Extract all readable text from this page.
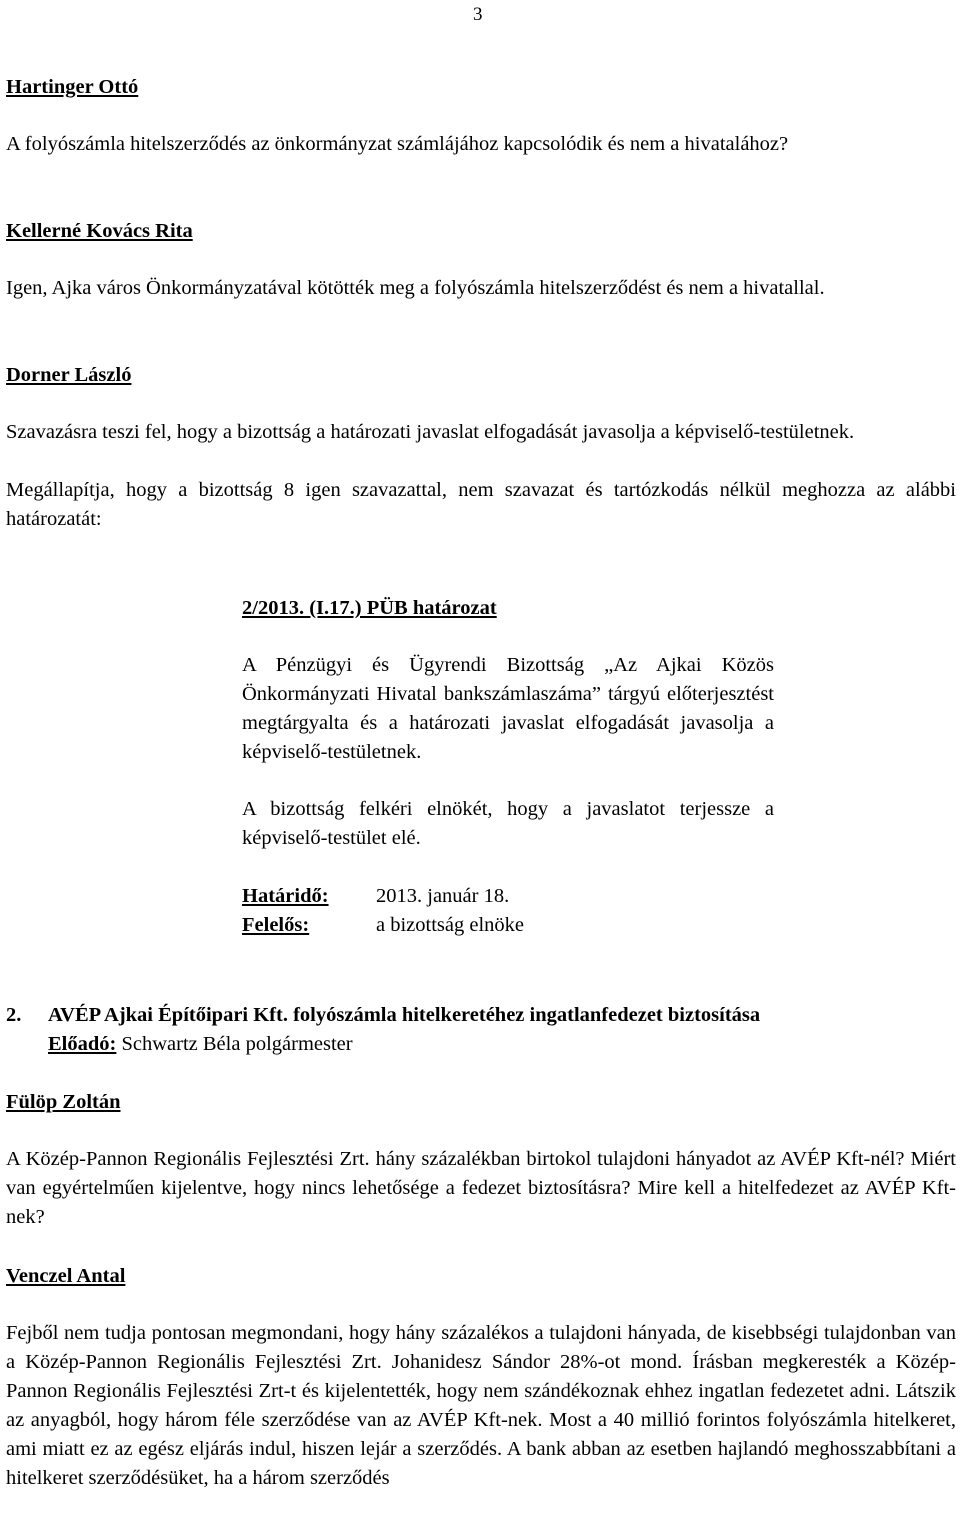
3

Hartinger Ottó

A folyószámla hitelszerződés az önkormányzat számlájához kapcsolódik és nem a hivatalához?

Kellerné Kovács Rita

Igen, Ajka város Önkormányzatával kötötték meg a folyószámla hitelszerződést és nem a hivatallal.

Dorner László

Szavazásra teszi fel, hogy a bizottság a határozati javaslat elfogadását javasolja a képviselő-testületnek.

Megállapítja, hogy a bizottság 8 igen szavazattal, nem szavazat és tartózkodás nélkül meghozza az alábbi határozatát:

2/2013. (I.17.) PÜB határozat

A Pénzügyi és Ügyrendi Bizottság „Az Ajkai Közös Önkormányzati Hivatal bankszámlaszáma” tárgyú előterjesztést megtárgyalta és a határozati javaslat elfogadását javasolja a képviselő-testületnek.

A bizottság felkéri elnökét, hogy a javaslatot terjessze a képviselő-testület elé.

Határidő: 2013. január 18.
Felelős:	a bizottság elnöke
2. AVÉP Ajkai Építőipari Kft. folyószámla hitelkeretéhez ingatlanfedezet biztosítása
Előadó: Schwartz Béla polgármester

Fülöp Zoltán

A Közép-Pannon Regionális Fejlesztési Zrt. hány százalékban birtokol tulajdoni hányadot az AVÉP Kft-nél? Miért van egyértelműen kijelentve, hogy nincs lehetősége a fedezet biztosításra? Mire kell a hitelfedezet az AVÉP Kft-nek?

Venczel Antal

Fejből nem tudja pontosan megmondani, hogy hány százalékos a tulajdoni hányada, de kisebbségi tulajdonban van a Közép-Pannon Regionális Fejlesztési Zrt. Johanidesz Sándor 28%-ot mond. Írásban megkeresték a Közép-Pannon Regionális Fejlesztési Zrt-t és kijelentették, hogy nem szándékoznak ehhez ingatlan fedezetet adni. Látszik az anyagból, hogy három féle szerződése van az AVÉP Kft-nek. Most a 40 millió forintos folyószámla hitelkeret, ami miatt ez az egész eljárás indul, hiszen lejár a szerződés. A bank abban az esetben hajlandó meghosszabbítani a hitelkeret szerződésüket, ha a három szerződés
